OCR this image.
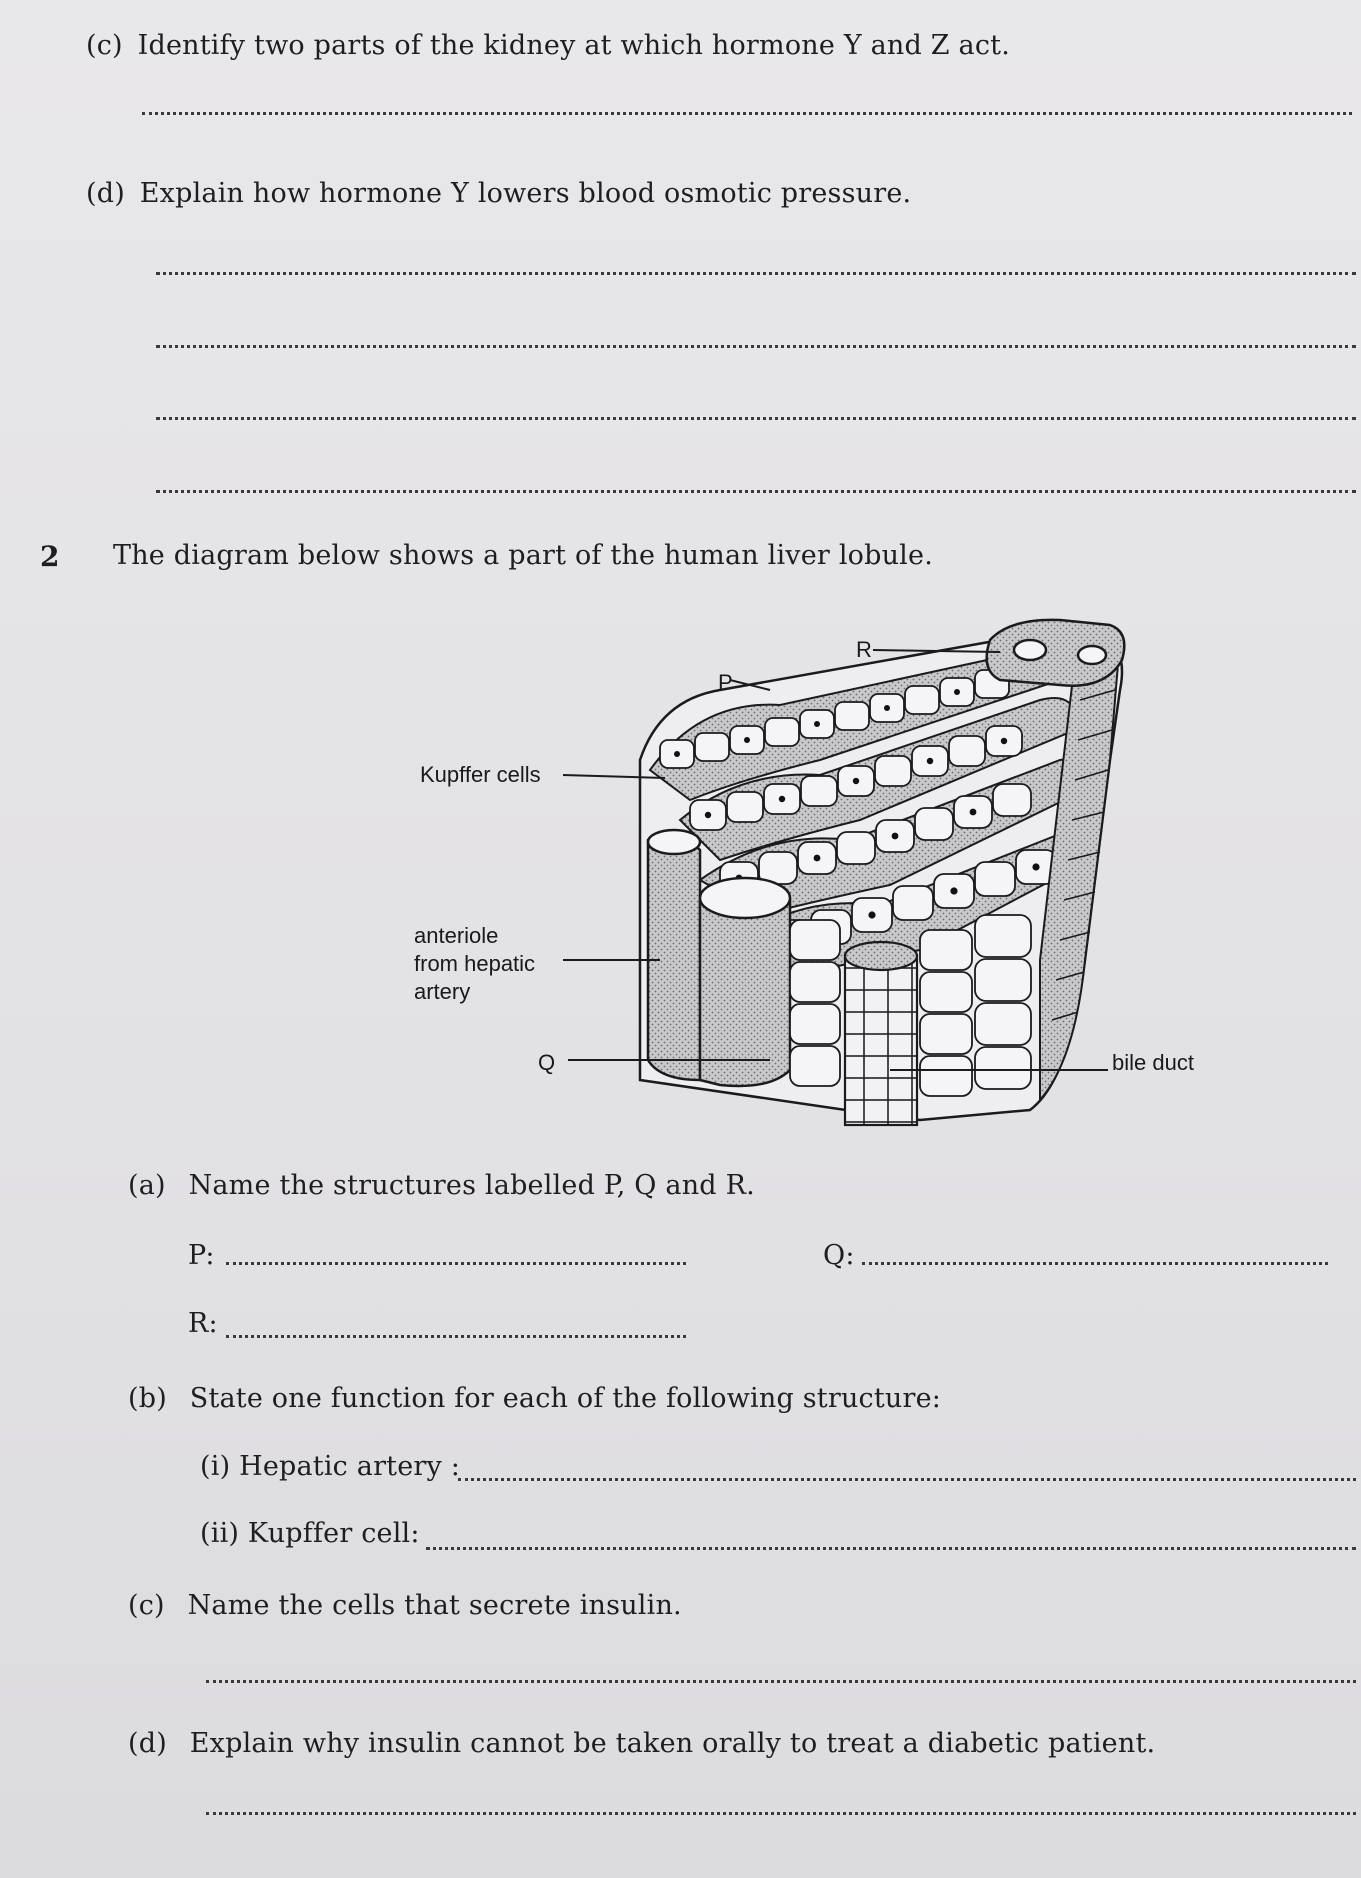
(c) Identify two parts of the kidney at which hormone Y and Z act.
(d) Explain how hormone Y lowers blood osmotic pressure.
2 The diagram below shows a part of the human liver lobule.
R
P
Kupffer cells
anteriole
from hepatic
artery
Q	bile duct
(a) Name the structures labelled P, Q and R.
P:	Q:
R:
(b) State one function for each of the following structure:
(i) Hepatic artery :
(ii) Kupffer cell:
(c) Name the cells that secrete insulin.
(d) Explain why insulin cannot be taken orally to treat a diabetic patient.
